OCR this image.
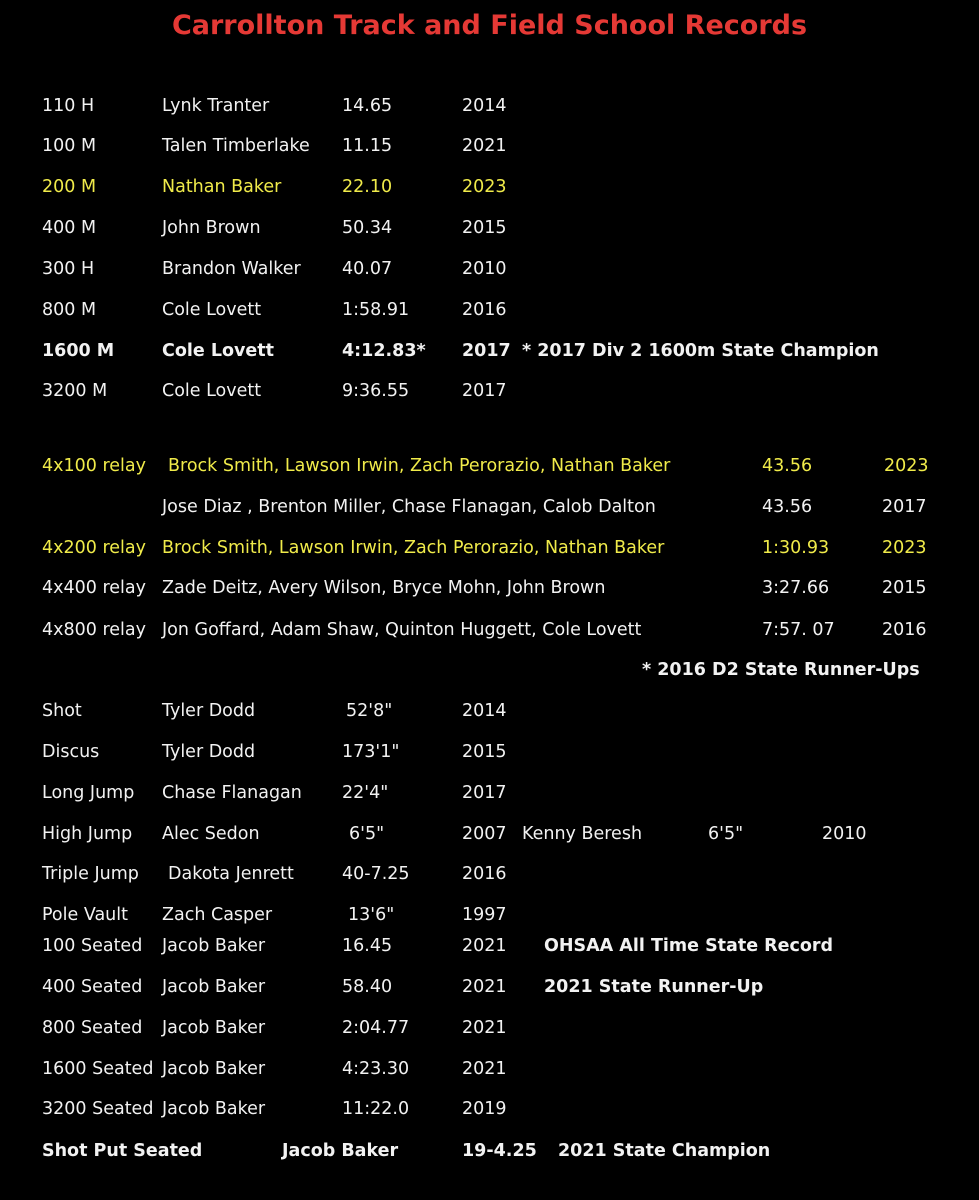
Carrollton Track and Field School Records
110 H	Lynk Tranter	14.65	2014
100 M	Talen Timberlake 11.15	2021
200 M	Nathan Baker	22.10	2023
400 M	John Brown	50.34	2015
300 H	Brandon Walker 40.07	2010
800 M	Cole Lovett	1:58.91	2016
1600 M	Cole Lovett	4:12.83* 2017 * 2017 Div 2 1600m State Champion
3200 M	Cole Lovett	9:36.55	2017
4x100 relay Brock Smith, Lawson Irwin, Zach Perorazio, Nathan Baker	43.56	2023
Jose Diaz , Brenton Miller, Chase Flanagan, Calob Dalton	43.56	2017
4x200 relay Brock Smith, Lawson Irwin, Zach Perorazio, Nathan Baker	1:30.93	2023
4x400 relay Zade Deitz, Avery Wilson, Bryce Mohn, John Brown	3:27.66	2015
4x800 relay Jon Goffard, Adam Shaw, Quinton Huggett, Cole Lovett	7:57. 07	2016
* 2016 D2 State Runner-Ups
Shot	Tyler Dodd	52'8"	2014
Discus	Tyler Dodd	173'1"	2015
Long Jump Chase Flanagan 22'4"	2017
High Jump Alec Sedon	6'5"	2007 Kenny Beresh	6'5"	2010
Triple Jump Dakota Jenrett	40-7.25	2016
Pole Vault Zach Casper	13'6"	1997
100 Seated Jacob Baker	16.45	2021 OHSAA All Time State Record
400 Seated Jacob Baker	58.40	2021 2021 State Runner-Up
800 Seated Jacob Baker	2:04.77	2021
1600 Seated Jacob Baker	4:23.30	2021
3200 Seated Jacob Baker	11:22.0	2019
Shot Put Seated	Jacob Baker	19-4.25 2021 State Champion
